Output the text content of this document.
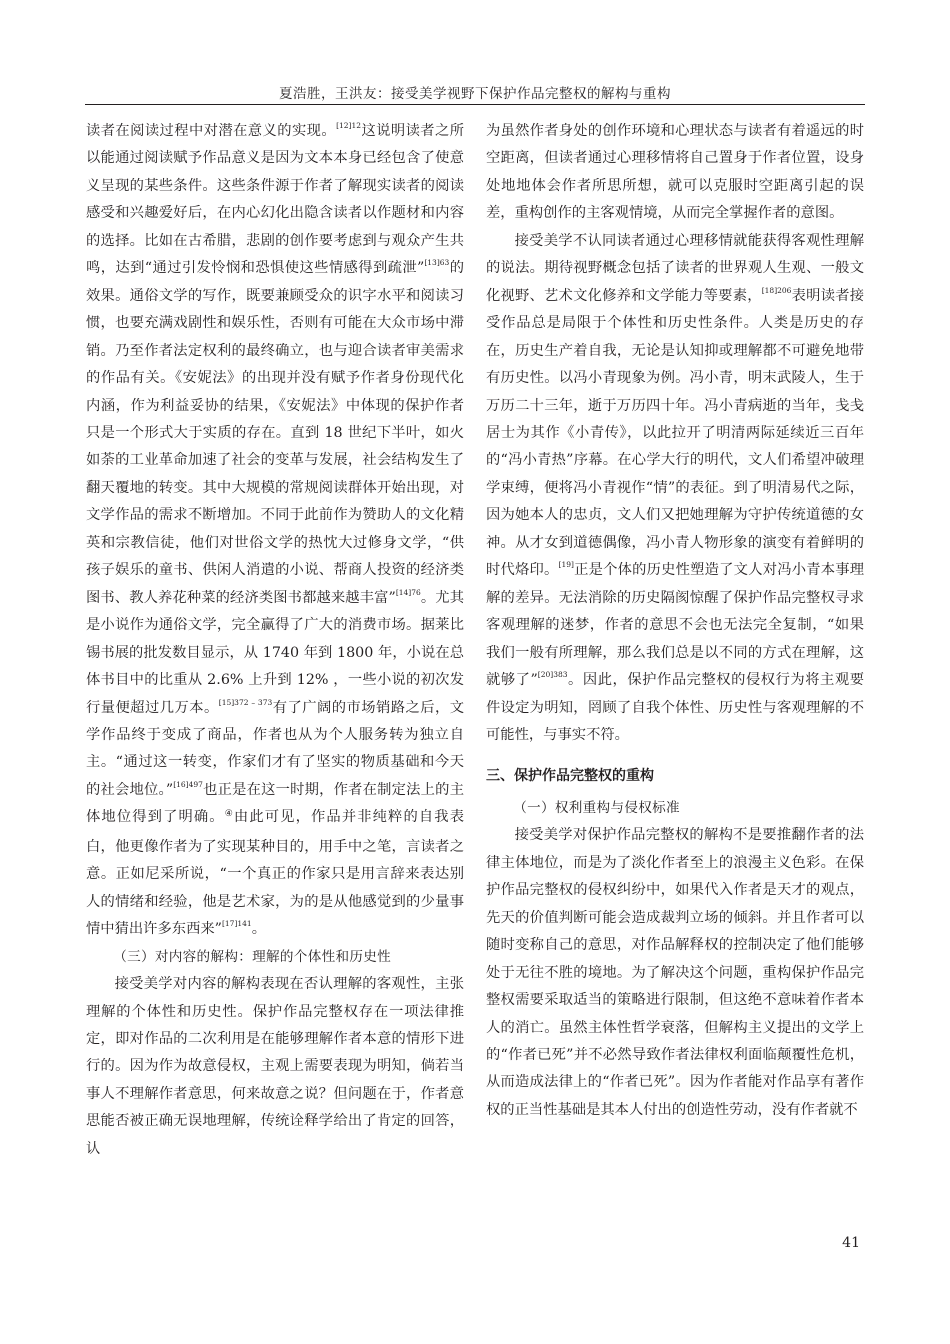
夏浩胜，王洪友：接受美学视野下保护作品完整权的解构与重构

读者在阅读过程中对潜在意义的实现。$^{[12]12}$这说明读者之所以能通过阅读赋予作品意义是因为文本本身已经包含了使意义呈现的某些条件。这些条件源于作者了解现实读者的阅读感受和兴趣爱好后，在内心幻化出隐含读者以作题材和内容的选择。比如在古希腊，悲剧的创作要考虑到与观众产生共鸣，达到“通过引发怜悯和恐惧使这些情感得到疏泄”$^{[13]63}$的效果。通俗文学的写作，既要兼顾受众的识字水平和阅读习惯，也要充满戏剧性和娱乐性，否则有可能在大众市场中滞销。乃至作者法定权利的最终确立，也与迎合读者审美需求的作品有关。《安妮法》的出现并没有赋予作者身份现代化内涵，作为利益妥协的结果，《安妮法》中体现的保护作者只是一个形式大于实质的存在。直到 18 世纪下半叶，如火如荼的工业革命加速了社会的变革与发展，社会结构发生了翻天覆地的转变。其中大规模的常规阅读群体开始出现，对文学作品的需求不断增加。不同于此前作为赞助人的文化精英和宗教信徒，他们对世俗文学的热忱大过修身文学，“供孩子娱乐的童书、供闲人消遣的小说、帮商人投资的经济类图书、教人养花种菜的经济类图书都越来越丰富”$^{[14]76}$。尤其是小说作为通俗文学，完全赢得了广大的消费市场。据莱比锡书展的批发数目显示，从 1740 年到 1800 年，小说在总体书目中的比重从 2.6% 上升到 12% ，一些小说的初次发行量便超过几万本。$^{[15]372 - 373}$有了广阔的市场销路之后，文学作品终于变成了商品，作者也从为个人服务转为独立自主。“通过这一转变，作家们才有了坚实的物质基础和今天的社会地位。”$^{[16]497}$也正是在这一时期，作者在制定法上的主体地位得到了明确。④由此可见，作品并非纯粹的自我表白，他更像作者为了实现某种目的，用手中之笔，言读者之意。正如尼采所说，“一个真正的作家只是用言辞来表达别人的情绪和经验，他是艺术家，为的是从他感觉到的少量事情中猜出许多东西来”$^{[17]141}$。

（三）对内容的解构：理解的个体性和历史性

接受美学对内容的解构表现在否认理解的客观性，主张理解的个体性和历史性。保护作品完整权存在一项法律推定，即对作品的二次利用是在能够理解作者本意的情形下进行的。因为作为故意侵权，主观上需要表现为明知，倘若当事人不理解作者意思，何来故意之说？但问题在于，作者意思能否被正确无误地理解，传统诠释学给出了肯定的回答，认

为虽然作者身处的创作环境和心理状态与读者有着遥远的时空距离，但读者通过心理移情将自己置身于作者位置，设身处地地体会作者所思所想，就可以克服时空距离引起的误差，重构创作的主客观情境，从而完全掌握作者的意图。

接受美学不认同读者通过心理移情就能获得客观性理解的说法。期待视野概念包括了读者的世界观人生观、一般文化视野、艺术文化修养和文学能力等要素，$^{[18]206}$表明读者接受作品总是局限于个体性和历史性条件。人类是历史的存在，历史生产着自我，无论是认知抑或理解都不可避免地带有历史性。以冯小青现象为例。冯小青，明末武陵人，生于万历二十三年，逝于万历四十年。冯小青病逝的当年，戋戋居士为其作《小青传》，以此拉开了明清两际延续近三百年的“冯小青热”序幕。在心学大行的明代，文人们希望冲破理学束缚，便将冯小青视作“情”的表征。到了明清易代之际，因为她本人的忠贞，文人们又把她理解为守护传统道德的女神。从才女到道德偶像，冯小青人物形象的演变有着鲜明的时代烙印。[19]正是个体的历史性塑造了文人对冯小青本事理解的差异。无法消除的历史隔阂惊醒了保护作品完整权寻求客观理解的迷梦，作者的意思不会也无法完全复制，“如果我们一般有所理解，那么我们总是以不同的方式在理解，这就够了”$^{[20]383}$。因此，保护作品完整权的侵权行为将主观要件设定为明知，罔顾了自我个体性、历史性与客观理解的不可能性，与事实不符。

三、保护作品完整权的重构

（一）权利重构与侵权标准

接受美学对保护作品完整权的解构不是要推翻作者的法律主体地位，而是为了淡化作者至上的浪漫主义色彩。在保护作品完整权的侵权纠纷中，如果代入作者是天才的观点，先天的价值判断可能会造成裁判立场的倾斜。并且作者可以随时变称自己的意思，对作品解释权的控制决定了他们能够处于无往不胜的境地。为了解决这个问题，重构保护作品完整权需要采取适当的策略进行限制，但这绝不意味着作者本人的消亡。虽然主体性哲学衰落，但解构主义提出的文学上的“作者已死”并不必然导致作者法律权利面临颠覆性危机，从而造成法律上的“作者已死”。因为作者能对作品享有著作权的正当性基础是其本人付出的创造性劳动，没有作者就不

41
